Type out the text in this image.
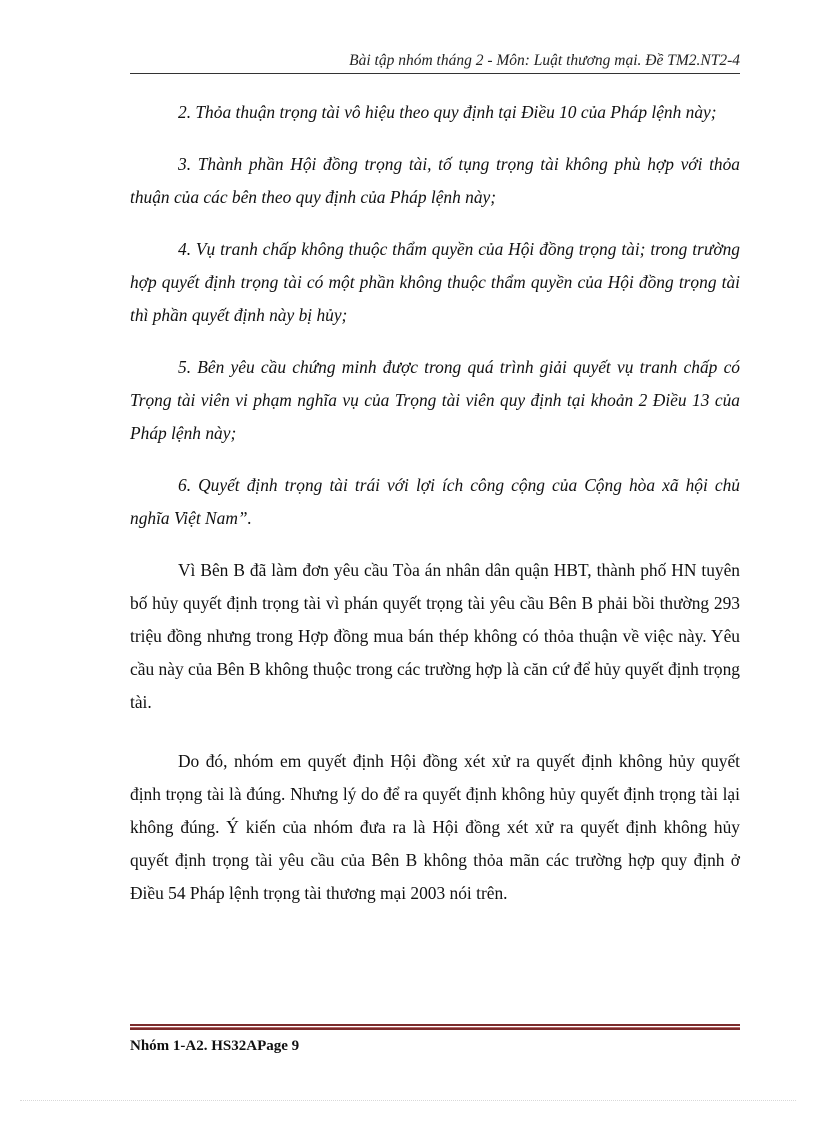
Bài tập nhóm tháng 2 - Môn: Luật thương mại. Đề TM2.NT2-4

2. Thỏa thuận trọng tài vô hiệu theo quy định tại Điều 10 của Pháp lệnh này;

3. Thành phần Hội đồng trọng tài, tố tụng trọng tài không phù hợp với thỏa thuận của các bên theo quy định của Pháp lệnh này;

4. Vụ tranh chấp không thuộc thẩm quyền của Hội đồng trọng tài; trong trường hợp quyết định trọng tài có một phần không thuộc thẩm quyền của Hội đồng trọng tài thì phần quyết định này bị hủy;

5. Bên yêu cầu chứng minh được trong quá trình giải quyết vụ tranh chấp có Trọng tài viên vi phạm nghĩa vụ của Trọng tài viên quy định tại khoản 2 Điều 13 của Pháp lệnh này;

6. Quyết định trọng tài trái với lợi ích công cộng của Cộng hòa xã hội chủ nghĩa Việt Nam”.

Vì Bên B đã làm đơn yêu cầu Tòa án nhân dân quận HBT, thành phố HN tuyên bố hủy quyết định trọng tài vì phán quyết trọng tài yêu cầu Bên B phải bồi thường 293 triệu đồng nhưng trong Hợp đồng mua bán thép không có thỏa thuận về việc này. Yêu cầu này của Bên B không thuộc trong các trường hợp là căn cứ để hủy quyết định trọng tài.

Do đó, nhóm em quyết định Hội đồng xét xử ra quyết định không hủy quyết định trọng tài là đúng. Nhưng lý do để ra quyết định không hủy quyết định trọng tài lại không đúng. Ý kiến của nhóm đưa ra là Hội đồng xét xử ra quyết định không hủy quyết định trọng tài yêu cầu của Bên B không thỏa mãn các trường hợp quy định ở Điều 54 Pháp lệnh trọng tài thương mại 2003 nói trên.

Nhóm 1-A2. HS32APage 9
